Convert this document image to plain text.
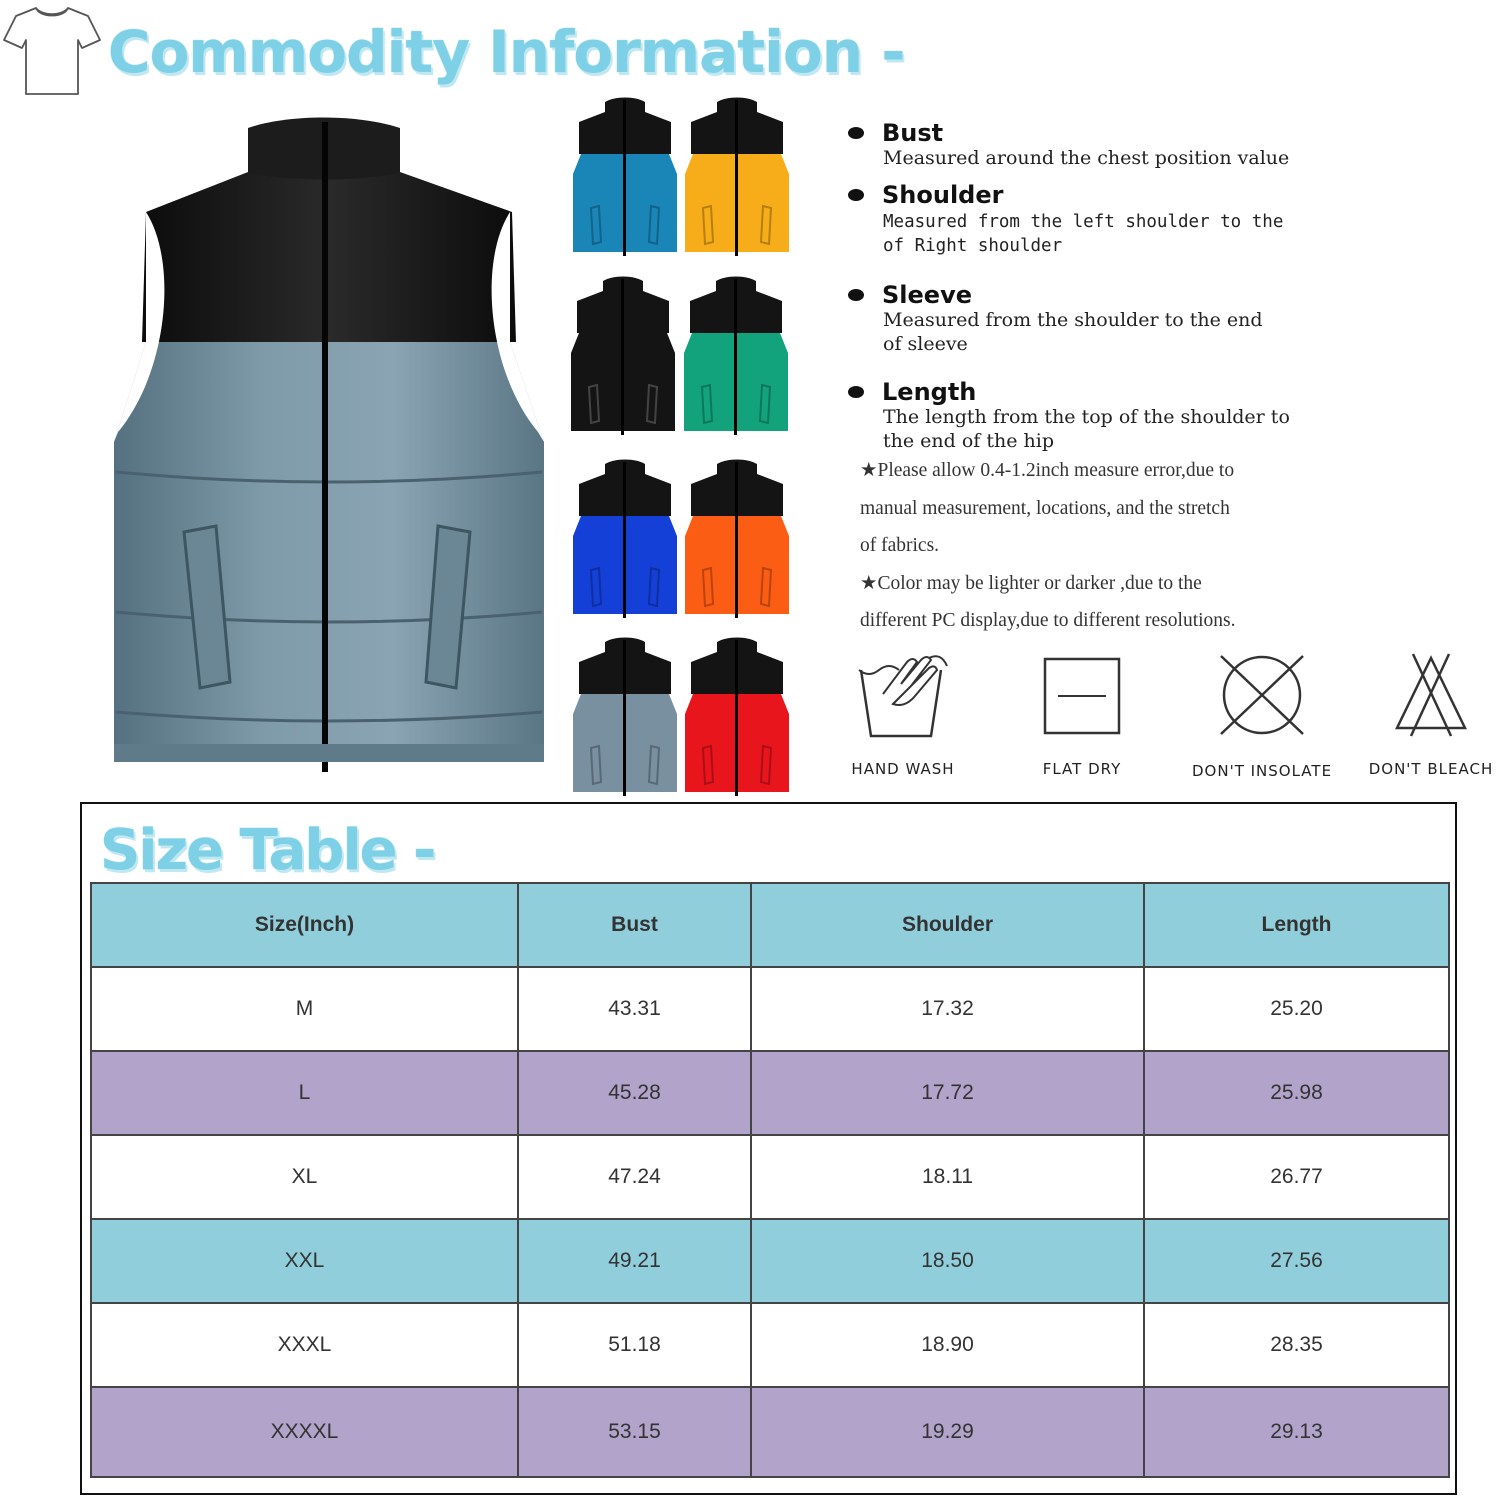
Commodity Information -
Bust
Measured around the chest position value
Shoulder
Measured from the left shoulder to the
of Right shoulder
Sleeve
Measured from the shoulder to the end
of sleeve
Length
The length from the top of the shoulder to
the end of the hip
★Please allow 0.4-1.2inch measure error,due to
manual measurement, locations, and the stretch
of fabrics.
★Color may be lighter or darker ,due to the
different PC display,due to different resolutions.
HAND WASH	FLAT DRY	DON'T INSOLATE DON'T BLEACH
Size Table -
Size(Inch)	Bust	Shoulder	Length
M	43.31	17.32	25.20
L	45.28	17.72	25.98
XL	47.24	18.11	26.77
XXL	49.21	18.50	27.56
XXXL	51.18	18.90	28.35
XXXXL	53.15	19.29	29.13
